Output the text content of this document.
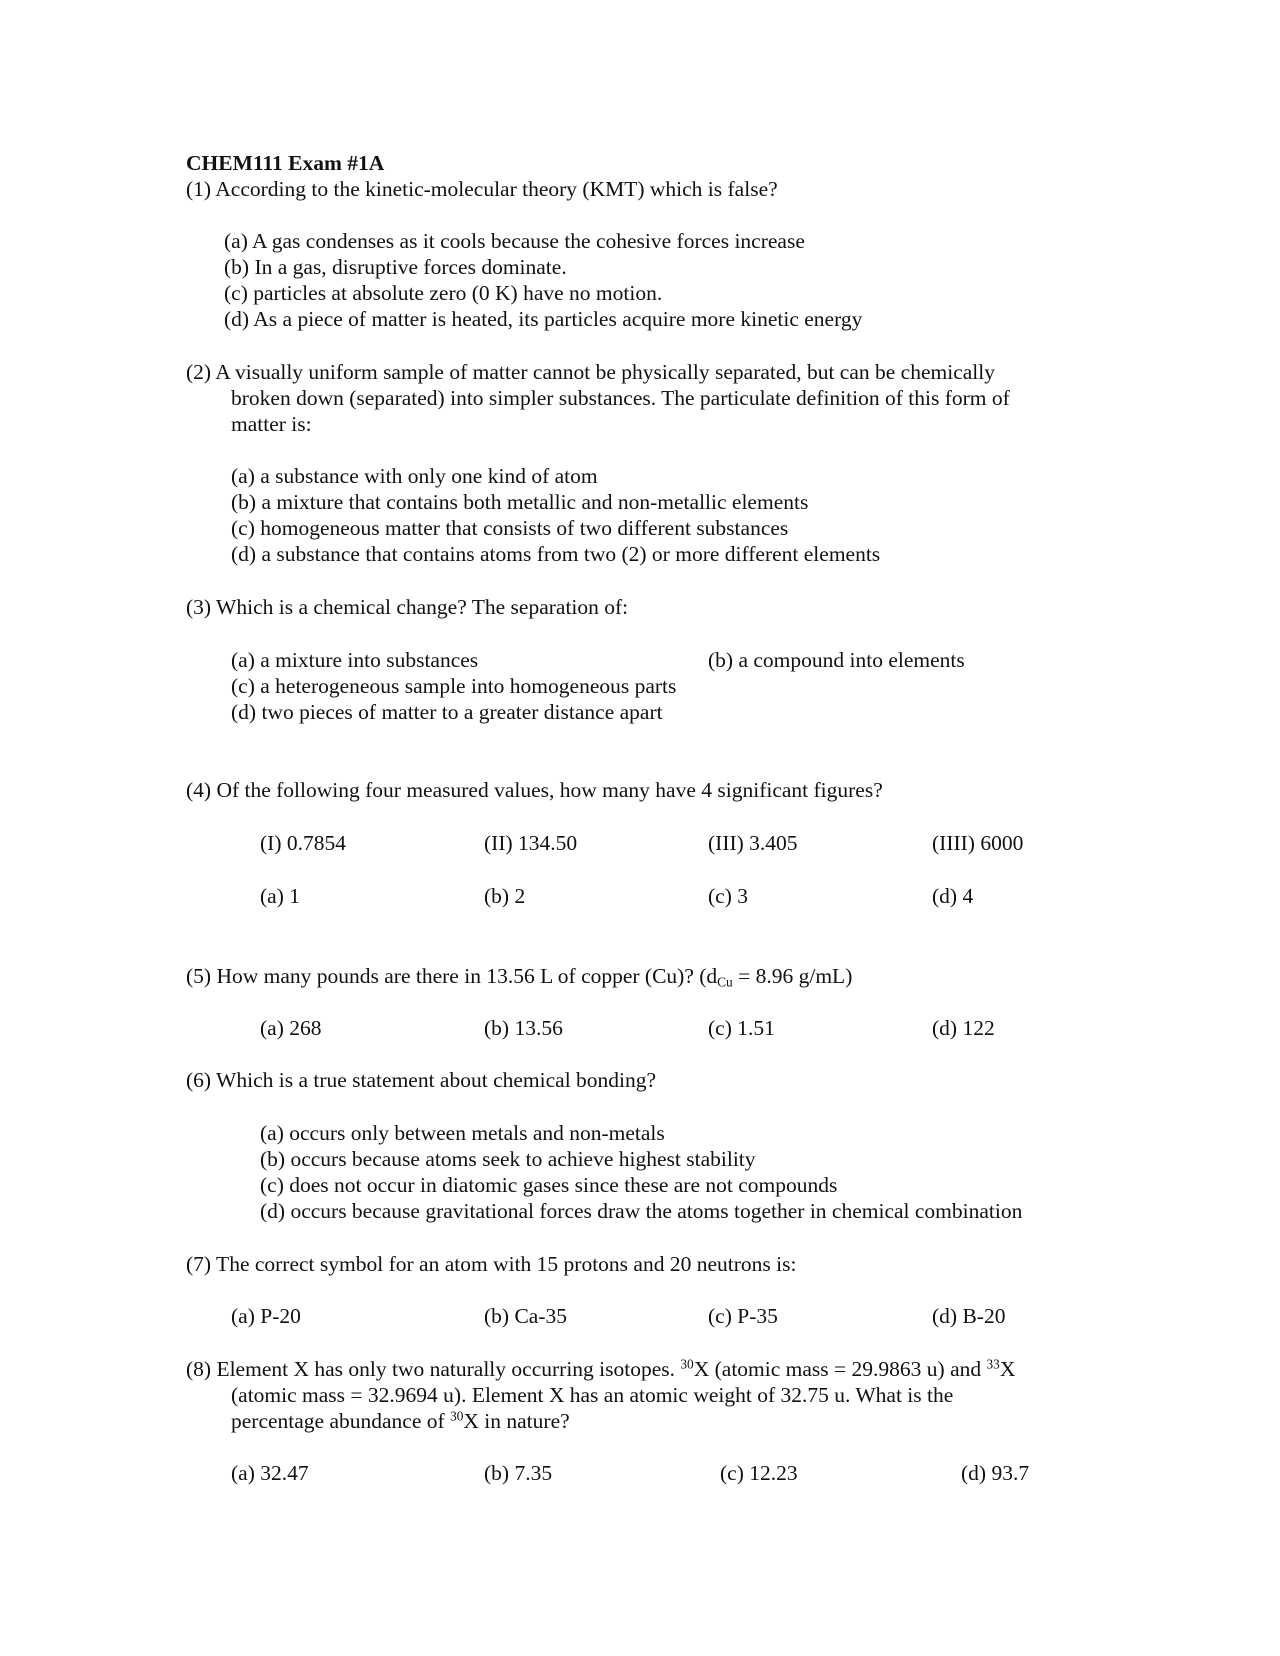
CHEM111 Exam #1A
(1) According to the kinetic-molecular theory (KMT) which is false?
(a) A gas condenses as it cools because the cohesive forces increase
(b) In a gas, disruptive forces dominate.
(c) particles at absolute zero (0 K) have no motion.
(d) As a piece of matter is heated, its particles acquire more kinetic energy
(2) A visually uniform sample of matter cannot be physically separated, but can be chemically
broken down (separated) into simpler substances. The particulate definition of this form of
matter is:
(a) a substance with only one kind of atom
(b) a mixture that contains both metallic and non-metallic elements
(c) homogeneous matter that consists of two different substances
(d) a substance that contains atoms from two (2) or more different elements
(3) Which is a chemical change? The separation of:
(a) a mixture into substances	(b) a compound into elements
(c) a heterogeneous sample into homogeneous parts
(d) two pieces of matter to a greater distance apart
(4) Of the following four measured values, how many have 4 significant figures?
(I) 0.7854	(II) 134.50	(III) 3.405	(IIII) 6000
(a) 1	(b) 2	(c) 3	(d) 4
(5) How many pounds are there in 13.56 L of copper (Cu)? ($d_{Cu} = 8.96$ g/mL)
(a) 268	(b) 13.56	(c) 1.51	(d) 122
(6) Which is a true statement about chemical bonding?
(a) occurs only between metals and non-metals
(b) occurs because atoms seek to achieve highest stability
(c) does not occur in diatomic gases since these are not compounds
(d) occurs because gravitational forces draw the atoms together in chemical combination
(7) The correct symbol for an atom with 15 protons and 20 neutrons is:
(a) P-20	(b) Ca-35	(c) P-35	(d) B-20
(8) Element X has only two naturally occurring isotopes. $^{30}$X (atomic mass = 29.9863 u) and $^{33}$X
(atomic mass = 32.9694 u). Element X has an atomic weight of 32.75 u. What is the
percentage abundance of $^{30}$X in nature?
(a) 32.47	(b) 7.35	(c) 12.23	(d) 93.7
